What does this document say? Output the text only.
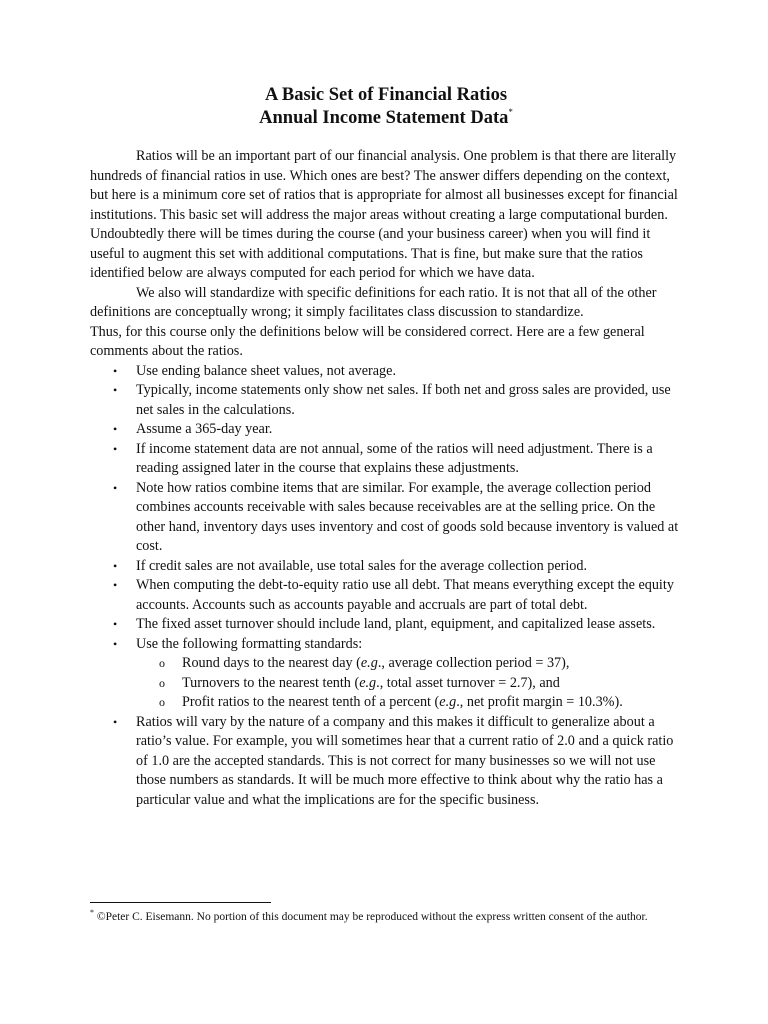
A Basic Set of Financial Ratios

Annual Income Statement Data*

Ratios will be an important part of our financial analysis. One problem is that there are literally hundreds of financial ratios in use. Which ones are best? The answer differs depending on the context, but here is a minimum core set of ratios that is appropriate for almost all businesses except for financial institutions. This basic set will address the major areas without creating a large computational burden. Undoubtedly there will be times during the course (and your business career) when you will find it useful to augment this set with additional computations. That is fine, but make sure that the ratios identified below are always computed for each period for which we have data.

We also will standardize with specific definitions for each ratio. It is not that all of the other definitions are conceptually wrong; it simply facilitates class discussion to standardize.

Thus, for this course only the definitions below will be considered correct. Here are a few general comments about the ratios.

• Use ending balance sheet values, not average.
• Typically, income statements only show net sales. If both net and gross sales are provided, use net sales in the calculations.
• Assume a 365-day year.
• If income statement data are not annual, some of the ratios will need adjustment. There is a reading assigned later in the course that explains these adjustments.
• Note how ratios combine items that are similar. For example, the average collection period combines accounts receivable with sales because receivables are at the selling price. On the other hand, inventory days uses inventory and cost of goods sold because inventory is valued at cost.
• If credit sales are not available, use total sales for the average collection period.
• When computing the debt-to-equity ratio use all debt. That means everything except the equity accounts. Accounts such as accounts payable and accruals are part of total debt.
• The fixed asset turnover should include land, plant, equipment, and capitalized lease assets.
• Use the following formatting standards:
o Round days to the nearest day (e.g., average collection period = 37),
o Turnovers to the nearest tenth (e.g., total asset turnover = 2.7), and
o Profit ratios to the nearest tenth of a percent (e.g., net profit margin = 10.3%).
• Ratios will vary by the nature of a company and this makes it difficult to generalize about a ratio’s value. For example, you will sometimes hear that a current ratio of 2.0 and a quick ratio of 1.0 are the accepted standards. This is not correct for many businesses so we will not use those numbers as standards. It will be much more effective to think about why the ratio has a particular value and what the implications are for the specific business.
* ©Peter C. Eisemann. No portion of this document may be reproduced without the express written consent of the author.
